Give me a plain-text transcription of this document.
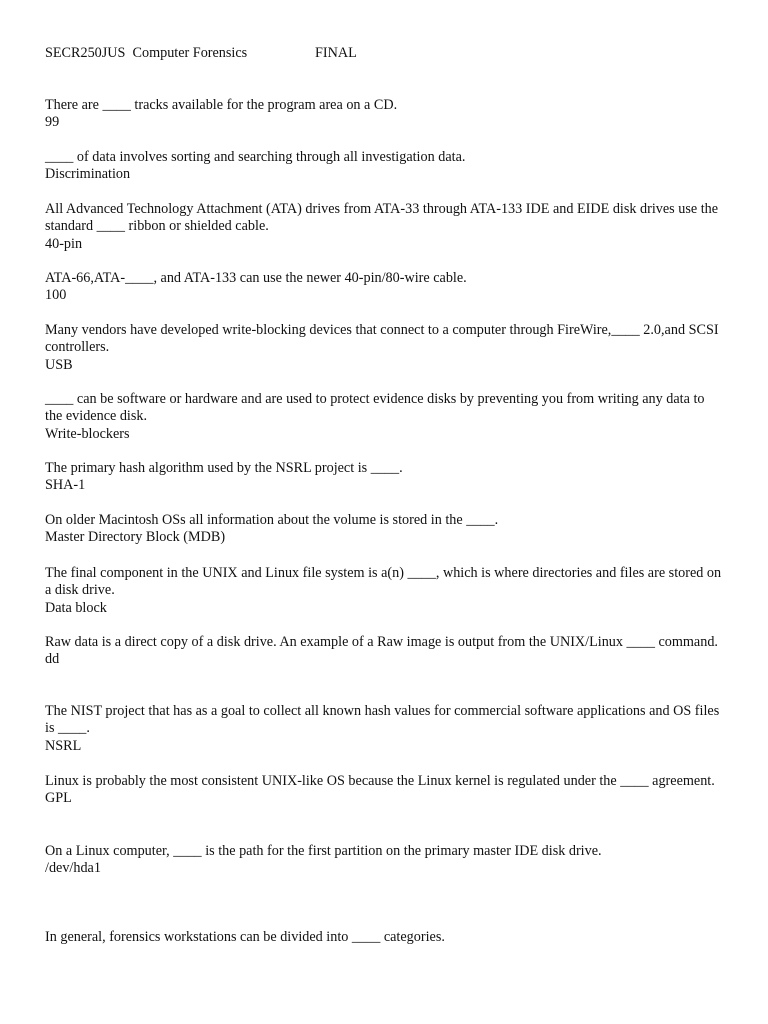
SECR250JUS  Computer Forensics	FINAL
There are ____ tracks available for the program area on a CD.
99
____ of data involves sorting and searching through all investigation data.
Discrimination
All Advanced Technology Attachment (ATA) drives from ATA-33 through ATA-133 IDE and EIDE disk drives use the standard ____ ribbon or shielded cable.
40-pin
ATA-66,ATA-____, and ATA-133 can use the newer 40-pin/80-wire cable.
100
Many vendors have developed write-blocking devices that connect to a computer through FireWire,____ 2.0,and SCSI controllers.
USB
____ can be software or hardware and are used to protect evidence disks by preventing you from writing any data to the evidence disk.
Write-blockers
The primary hash algorithm used by the NSRL project is ____.
SHA-1
On older Macintosh OSs all information about the volume is stored in the ____.
Master Directory Block (MDB)
The final component in the UNIX and Linux file system is a(n) ____, which is where directories and files are stored on a disk drive.
Data block
Raw data is a direct copy of a disk drive. An example of a Raw image is output from the UNIX/Linux ____ command.
dd
The NIST project that has as a goal to collect all known hash values for commercial software applications and OS files is ____.
NSRL
Linux is probably the most consistent UNIX-like OS because the Linux kernel is regulated under the ____ agreement.
GPL
On a Linux computer, ____ is the path for the first partition on the primary master IDE disk drive.
/dev/hda1
In general, forensics workstations can be divided into ____ categories.
